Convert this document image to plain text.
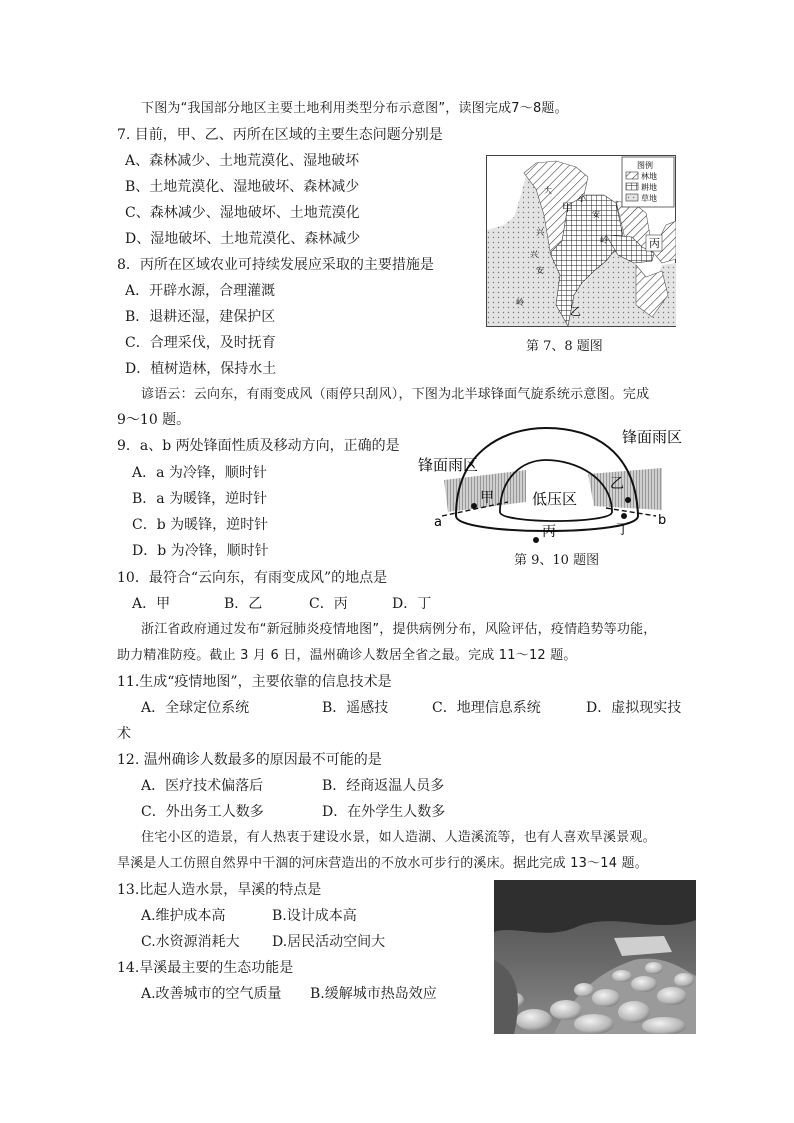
下图为“我国部分地区主要土地利用类型分布示意图”，读图完成7～8题。
7. 目前，甲、乙、丙所在区域的主要生态问题分别是
A、森林减少、土地荒漠化、湿地破坏
B、土地荒漠化、湿地破坏、森林减少
C、森林减少、湿地破坏、土地荒漠化
D、湿地破坏、土地荒漠化、森林减少
8．丙所在区域农业可持续发展应采取的主要措施是
A．开辟水源，合理灌溉
B．退耕还湿，建保护区
C．合理采伐，及时抚育
D．植树造林，保持水土
图例
林地
耕地
草地
大
甲
小
兴
安
岭
兴
安
岭
丙
乙
第 7、8 题图
谚语云：云向东，有雨变成风（雨停只刮风），下图为北半球锋面气旋系统示意图。完成
9～10 题。
9．a、b 两处锋面性质及移动方向，正确的是
A．a 为冷锋，顺时针
B．a 为暖锋，逆时针
C．b 为暖锋，逆时针
D．b 为冷锋，顺时针
锋面雨区
锋面雨区
低压区
甲
乙
丙	丁
a	b
第 9、10 题图
10．最符合“云向东，有雨变成风”的地点是
A．甲	B．乙	C．丙	D．丁
浙江省政府通过发布“新冠肺炎疫情地图”，提供病例分布，风险评估，疫情趋势等功能，
助力精准防疫。截止 3 月 6 日，温州确诊人数居全省之最。完成 11～12 题。
11.生成“疫情地图”，主要依靠的信息技术是
A．全球定位系统	B．遥感技	C．地理信息系统	D．虚拟现实技
术
12. 温州确诊人数最多的原因最不可能的是
A．医疗技术偏落后	B．经商返温人员多
C．外出务工人数多	D．在外学生人数多
住宅小区的造景，有人热衷于建设水景，如人造湖、人造溪流等，也有人喜欢旱溪景观。
旱溪是人工仿照自然界中干涸的河床营造出的不放水可步行的溪床。据此完成 13～14 题。
13.比起人造水景，旱溪的特点是
A.维护成本高	B.设计成本高
C.水资源消耗大 D.居民活动空间大
14.旱溪最主要的生态功能是
A.改善城市的空气质量 B.缓解城市热岛效应
